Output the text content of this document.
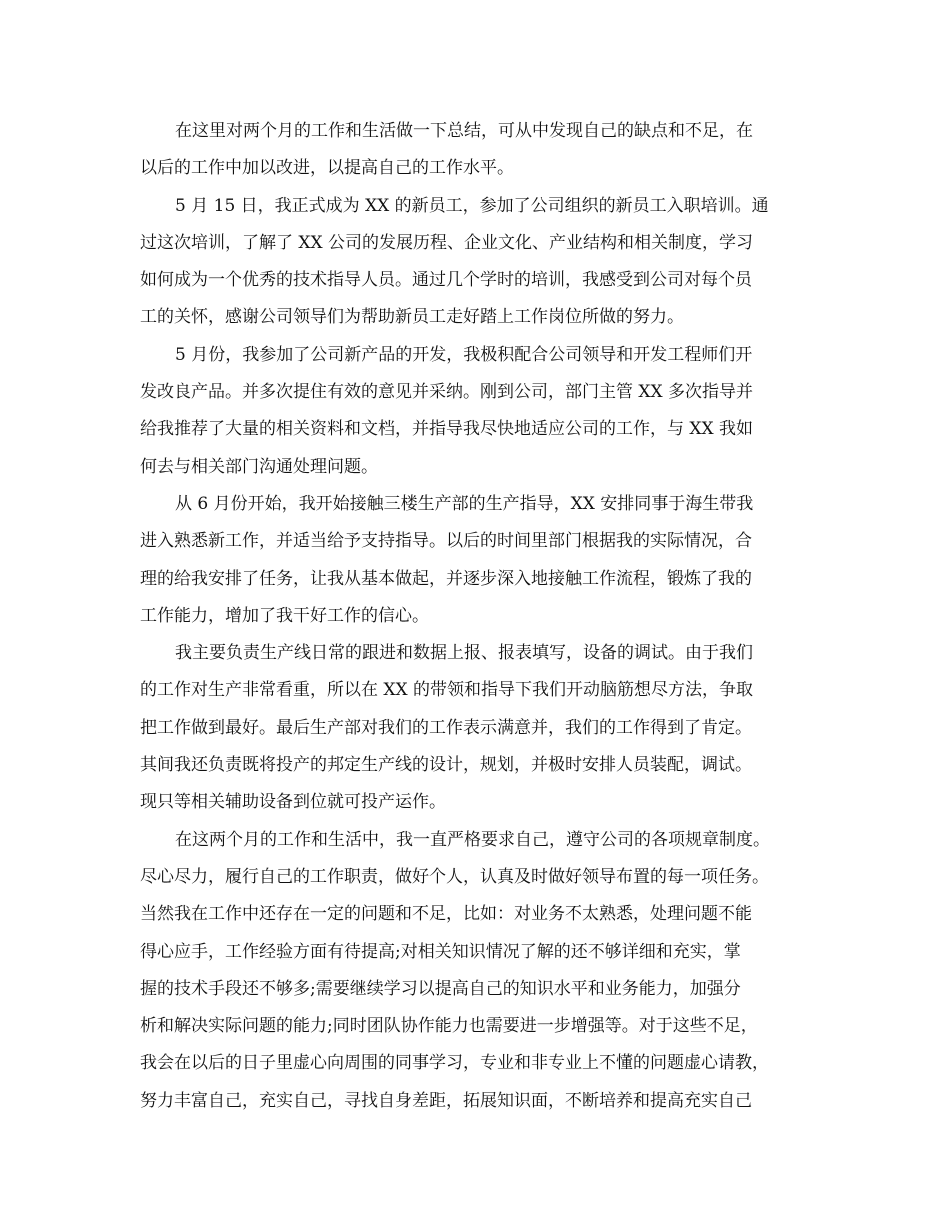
在这里对两个月的工作和生活做一下总结，可从中发现自己的缺点和不足，在
以后的工作中加以改进，以提高自己的工作水平。
5 月 15 日，我正式成为 XX 的新员工，参加了公司组织的新员工入职培训。通
过这次培训，了解了 XX 公司的发展历程、企业文化、产业结构和相关制度，学习
如何成为一个优秀的技术指导人员。通过几个学时的培训，我感受到公司对每个员
工的关怀，感谢公司领导们为帮助新员工走好踏上工作岗位所做的努力。
5 月份，我参加了公司新产品的开发，我极积配合公司领导和开发工程师们开
发改良产品。并多次提住有效的意见并采纳。刚到公司，部门主管 XX 多次指导并
给我推荐了大量的相关资料和文档，并指导我尽快地适应公司的工作，与 XX 我如
何去与相关部门沟通处理问题。
从 6 月份开始，我开始接触三楼生产部的生产指导，XX 安排同事于海生带我
进入熟悉新工作，并适当给予支持指导。以后的时间里部门根据我的实际情况，合
理的给我安排了任务，让我从基本做起，并逐步深入地接触工作流程，锻炼了我的
工作能力，增加了我干好工作的信心。
我主要负责生产线日常的跟进和数据上报、报表填写，设备的调试。由于我们
的工作对生产非常看重，所以在 XX 的带领和指导下我们开动脑筋想尽方法，争取
把工作做到最好。最后生产部对我们的工作表示满意并，我们的工作得到了肯定。
其间我还负责既将投产的邦定生产线的设计，规划，并极时安排人员装配，调试。
现只等相关辅助设备到位就可投产运作。
在这两个月的工作和生活中，我一直严格要求自己，遵守公司的各项规章制度。
尽心尽力，履行自己的工作职责，做好个人，认真及时做好领导布置的每一项任务。
当然我在工作中还存在一定的问题和不足，比如：对业务不太熟悉，处理问题不能
得心应手，工作经验方面有待提高;对相关知识情况了解的还不够详细和充实，掌
握的技术手段还不够多;需要继续学习以提高自己的知识水平和业务能力，加强分
析和解决实际问题的能力;同时团队协作能力也需要进一步增强等。对于这些不足，
我会在以后的日子里虚心向周围的同事学习，专业和非专业上不懂的问题虚心请教，
努力丰富自己，充实自己，寻找自身差距，拓展知识面，不断培养和提高充实自己
